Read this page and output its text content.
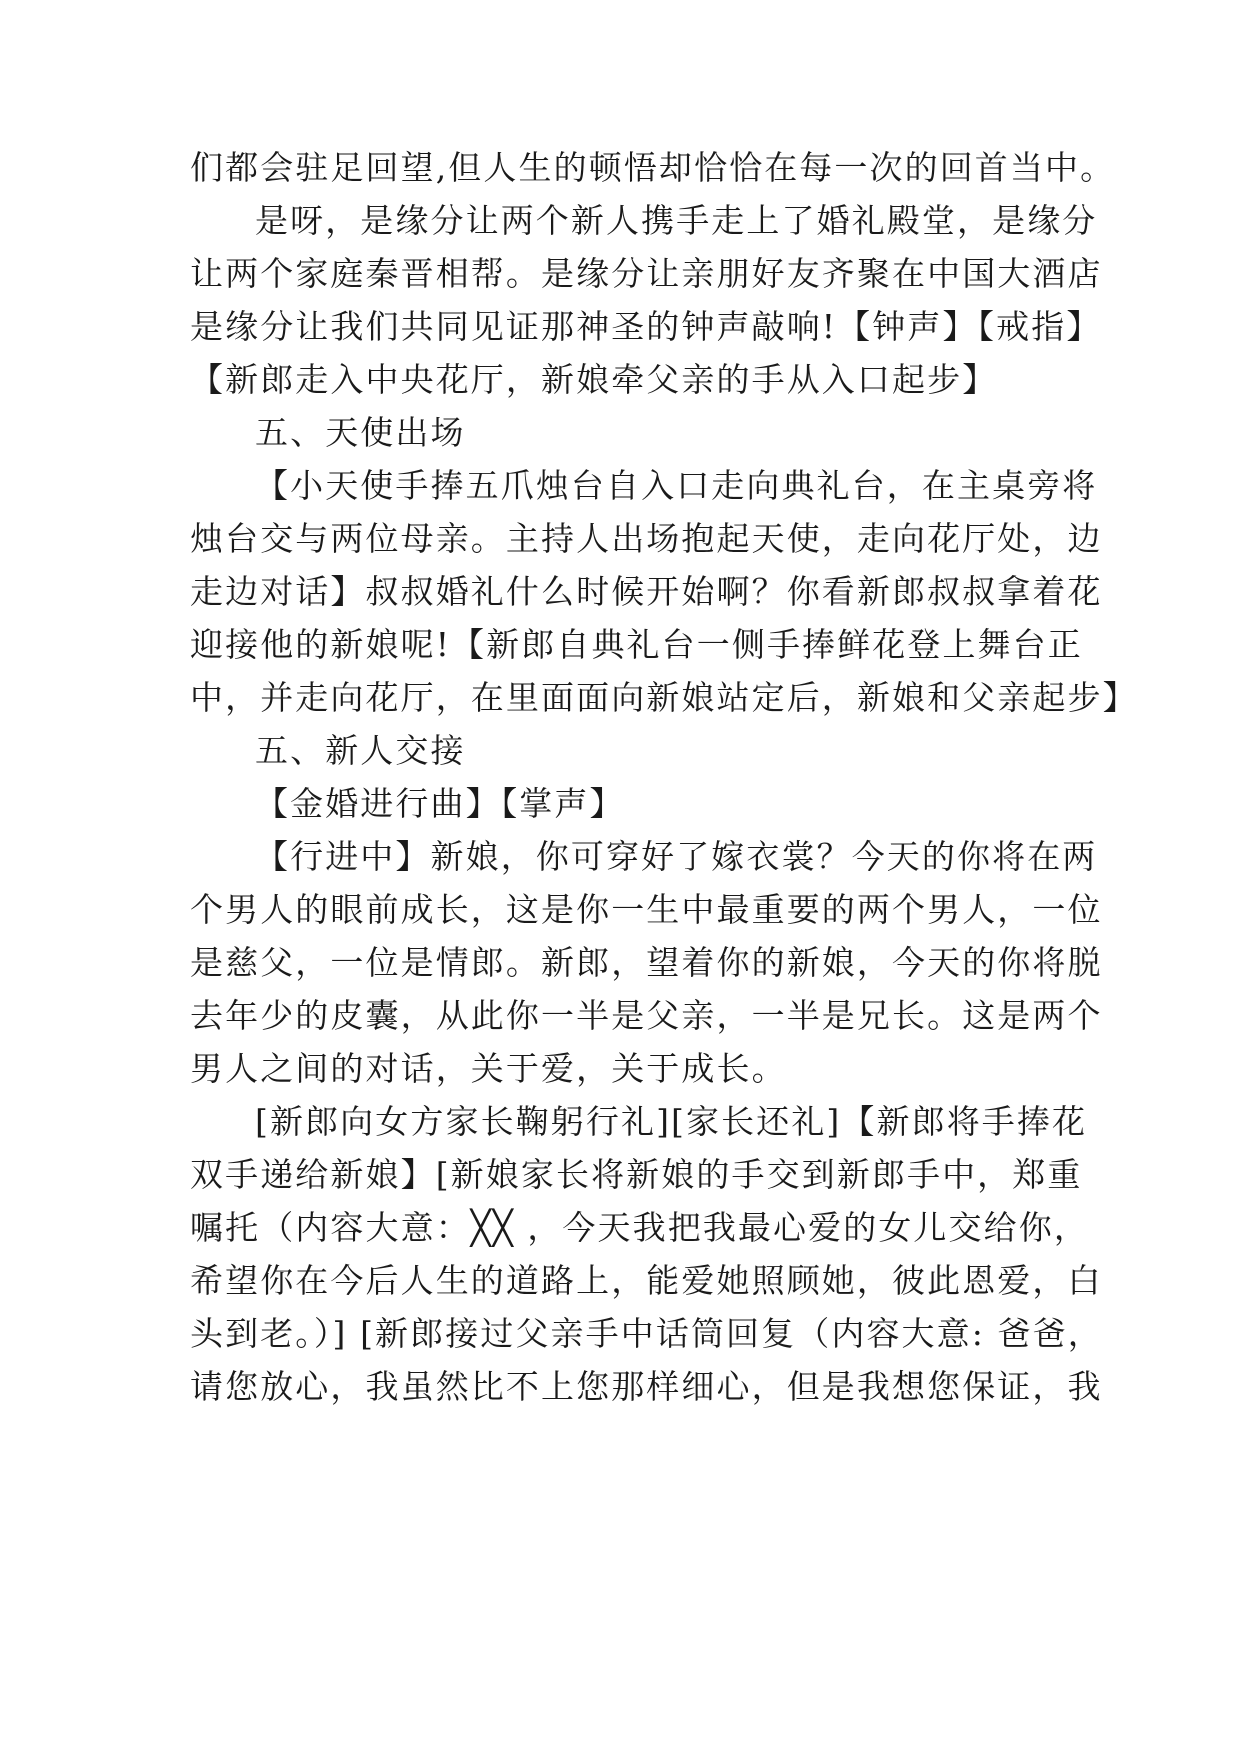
们都会驻足回望,但人生的顿悟却恰恰在每一次的回首当中。
是呀，是缘分让两个新人携手走上了婚礼殿堂，是缘分
让两个家庭秦晋相帮。是缘分让亲朋好友齐聚在中国大酒店
是缘分让我们共同见证那神圣的钟声敲响!【钟声】【戒指】
【新郎走入中央花厅，新娘牵父亲的手从入口起步】
五、天使出场
【小天使手捧五爪烛台自入口走向典礼台，在主桌旁将
烛台交与两位母亲。主持人出场抱起天使，走向花厅处，边
走边对话】叔叔婚礼什么时候开始啊？你看新郎叔叔拿着花
迎接他的新娘呢!【新郎自典礼台一侧手捧鲜花登上舞台正
中，并走向花厅，在里面面向新娘站定后，新娘和父亲起步】
五、新人交接
【金婚进行曲】【掌声】
【行进中】新娘，你可穿好了嫁衣裳？今天的你将在两
个男人的眼前成长，这是你一生中最重要的两个男人，一位
是慈父，一位是情郎。新郎，望着你的新娘，今天的你将脱
去年少的皮囊，从此你一半是父亲，一半是兄长。这是两个
男人之间的对话，关于爱，关于成长。
[新郎向女方家长鞠躬行礼][家长还礼]【新郎将手捧花
双手递给新娘】[新娘家长将新娘的手交到新郎手中，郑重
嘱托（内容大意：╳╳ ，今天我把我最心爱的女儿交给你，
希望你在今后人生的道路上，能爱她照顾她，彼此恩爱，白
头到老。）] [新郎接过父亲手中话筒回复（内容大意: 爸爸，
请您放心，我虽然比不上您那样细心，但是我想您保证，我
